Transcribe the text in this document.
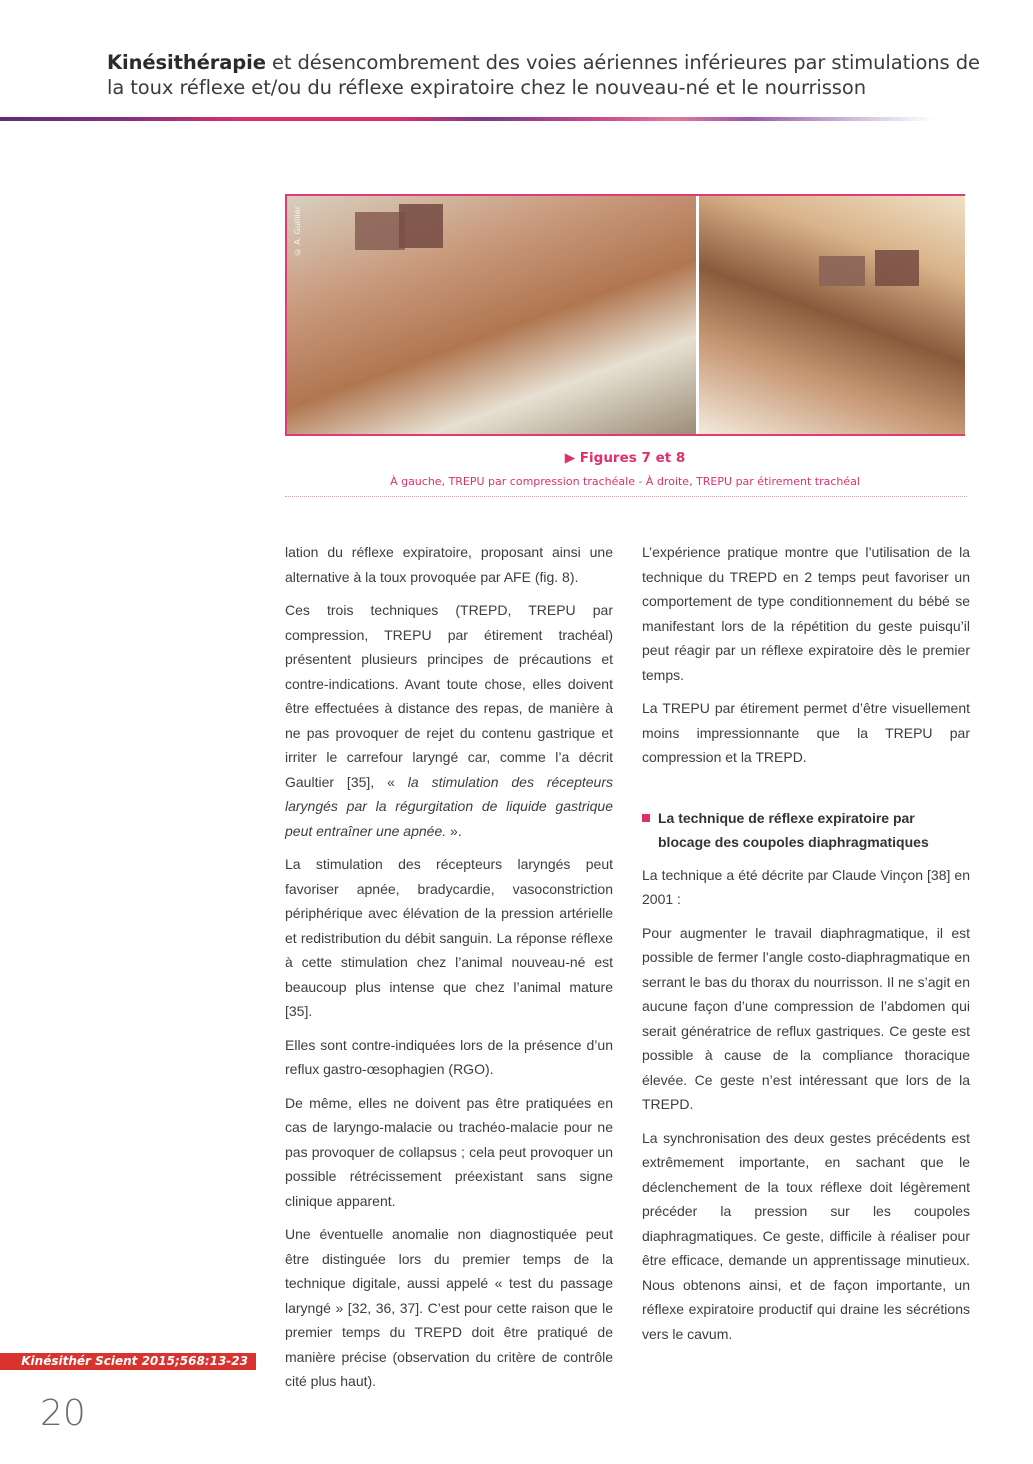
Kinésithérapie et désencombrement des voies aériennes inférieures par stimulations de la toux réflexe et/ou du réflexe expiratoire chez le nouveau-né et le nourrisson
© A. Guillier
▶ Figures 7 et 8
À gauche, TREPU par compression trachéale - À droite, TREPU par étirement trachéal

lation du réflexe expiratoire, proposant ainsi une alternative à la toux provoquée par AFE (fig. 8).

Ces trois techniques (TREPD, TREPU par compression, TREPU par étirement trachéal) présentent plusieurs principes de précautions et contre-indications. Avant toute chose, elles doivent être effectuées à distance des repas, de manière à ne pas provoquer de rejet du contenu gastrique et irriter le carrefour laryngé car, comme l’a décrit Gaultier [35], « la stimulation des récepteurs laryngés par la régurgitation de liquide gastrique peut entraîner une apnée. ».

La stimulation des récepteurs laryngés peut favoriser apnée, bradycardie, vasoconstriction périphérique avec élévation de la pression artérielle et redistribution du débit sanguin. La réponse réflexe à cette stimulation chez l’animal nouveau-né est beaucoup plus intense que chez l’animal mature [35].

Elles sont contre-indiquées lors de la présence d’un reflux gastro-œsophagien (RGO).

De même, elles ne doivent pas être pratiquées en cas de laryngo-malacie ou trachéo-malacie pour ne pas provoquer de collapsus ; cela peut provoquer un possible rétrécissement préexistant sans signe clinique apparent.

Une éventuelle anomalie non diagnostiquée peut être distinguée lors du premier temps de la technique digitale, aussi appelé « test du passage laryngé » [32, 36, 37]. C’est pour cette raison que le premier temps du TREPD doit être pratiqué de manière précise (observation du critère de contrôle cité plus haut).

L’expérience pratique montre que l’utilisation de la technique du TREPD en 2 temps peut favoriser un comportement de type conditionnement du bébé se manifestant lors de la répétition du geste puisqu’il peut réagir par un réflexe expiratoire dès le premier temps.

La TREPU par étirement permet d’être visuellement moins impressionnante que la TREPU par compression et la TREPD.

La technique de réflexe expiratoire par blocage des coupoles diaphragmatiques

La technique a été décrite par Claude Vinçon [38] en 2001 :

Pour augmenter le travail diaphragmatique, il est possible de fermer l’angle costo-diaphragmatique en serrant le bas du thorax du nourrisson. Il ne s’agit en aucune façon d’une compression de l’abdomen qui serait génératrice de reflux gastriques. Ce geste est possible à cause de la compliance thoracique élevée. Ce geste n’est intéressant que lors de la TREPD.

La synchronisation des deux gestes précédents est extrêmement importante, en sachant que le déclenchement de la toux réflexe doit légèrement précéder la pression sur les coupoles diaphragmatiques. Ce geste, difficile à réaliser pour être efficace, demande un apprentissage minutieux. Nous obtenons ainsi, et de façon importante, un réflexe expiratoire productif qui draine les sécrétions vers le cavum.

Kinésithér Scient 2015;568:13-23
20
